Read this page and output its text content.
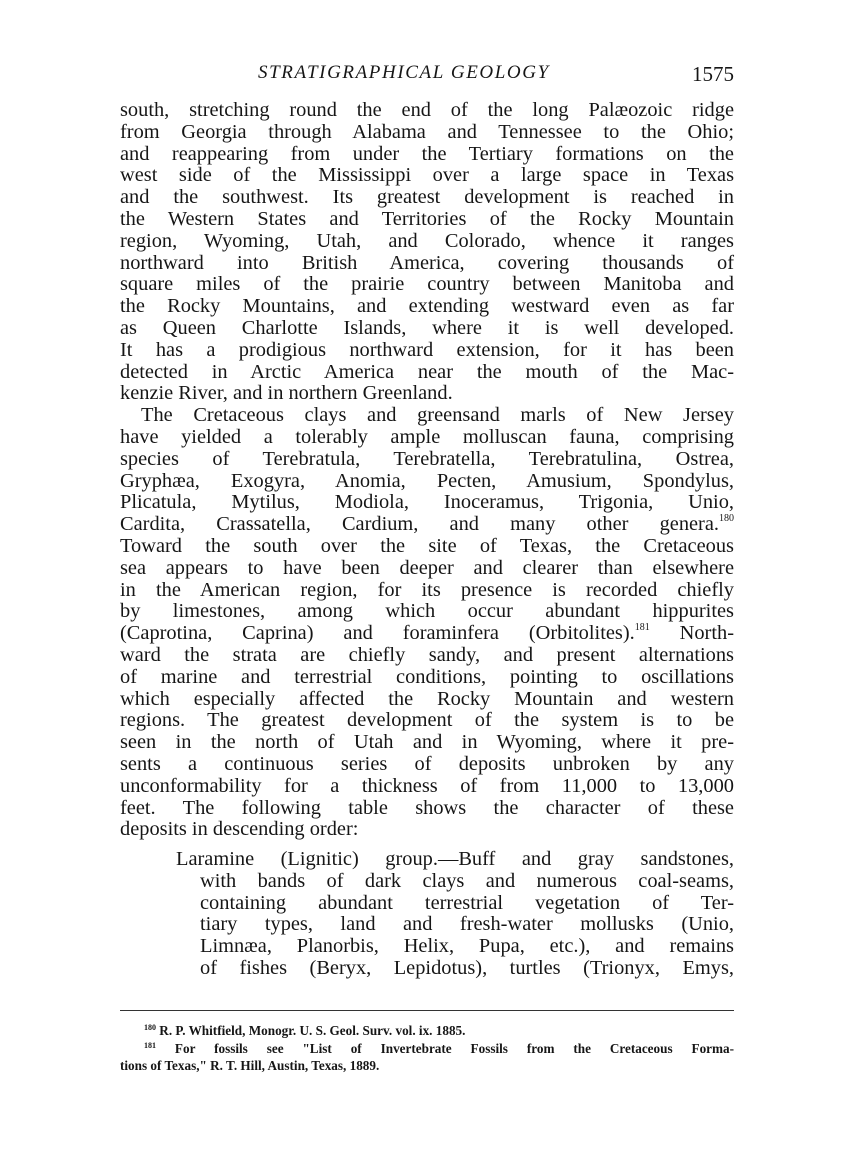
STRATIGRAPHICAL GEOLOGY	1575
south, stretching round the end of the long Palæozoic ridge
from Georgia through Alabama and Tennessee to the Ohio;
and reappearing from under the Tertiary formations on the
west side of the Mississippi over a large space in Texas
and the southwest. Its greatest development is reached in
the Western States and Territories of the Rocky Mountain
region, Wyoming, Utah, and Colorado, whence it ranges
northward into British America, covering thousands of
square miles of the prairie country between Manitoba and
the Rocky Mountains, and extending westward even as far
as Queen Charlotte Islands, where it is well developed.
It has a prodigious northward extension, for it has been
detected in Arctic America near the mouth of the Mac-
kenzie River, and in northern Greenland.
The Cretaceous clays and greensand marls of New Jersey
have yielded a tolerably ample molluscan fauna, comprising
species of Terebratula, Terebratella, Terebratulina, Ostrea,
Gryphæa, Exogyra, Anomia, Pecten, Amusium, Spondylus,
Plicatula, Mytilus, Modiola, Inoceramus, Trigonia, Unio,
Cardita, Crassatella, Cardium, and many other genera.$^{180}$
Toward the south over the site of Texas, the Cretaceous
sea appears to have been deeper and clearer than elsewhere
in the American region, for its presence is recorded chiefly
by limestones, among which occur abundant hippurites
(Caprotina, Caprina) and foraminfera (Orbitolites).$^{181}$ North-
ward the strata are chiefly sandy, and present alternations
of marine and terrestrial conditions, pointing to oscillations
which especially affected the Rocky Mountain and western
regions. The greatest development of the system is to be
seen in the north of Utah and in Wyoming, where it pre-
sents a continuous series of deposits unbroken by any
unconformability for a thickness of from 11,000 to 13,000
feet. The following table shows the character of these
deposits in descending order:
Laramine (Lignitic) group.—Buff and gray sandstones,
with bands of dark clays and numerous coal-seams,
containing abundant terrestrial vegetation of Ter-
tiary types, land and fresh-water mollusks (Unio,
Limnæa, Planorbis, Helix, Pupa, etc.), and remains
of fishes (Beryx, Lepidotus), turtles (Trionyx, Emys,
$^{180}$ R. P. Whitfield, Monogr. U. S. Geol. Surv. vol. ix. 1885.
$^{181}$ For fossils see "List of Invertebrate Fossils from the Cretaceous Forma-
tions of Texas," R. T. Hill, Austin, Texas, 1889.
